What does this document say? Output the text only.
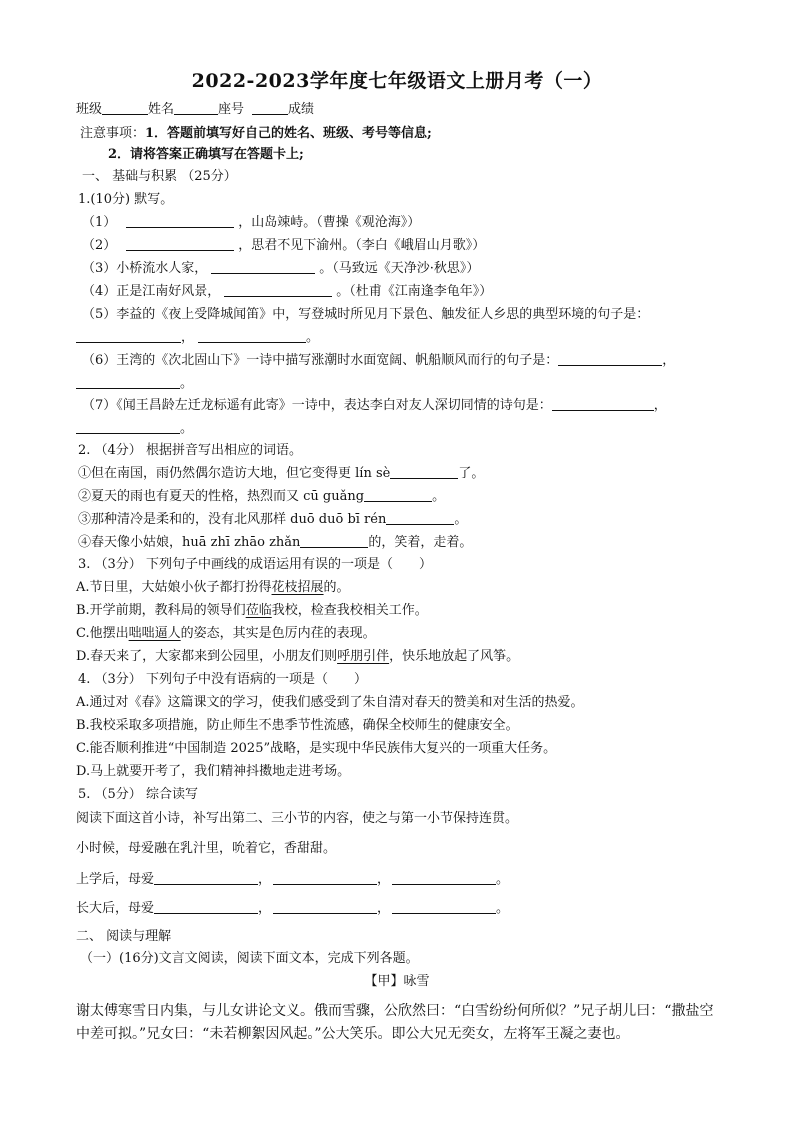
2022-2023学年度七年级语文上册月考（一）
班级	姓名	座号	成绩
注意事项：1．答题前填写好自己的姓名、班级、考号等信息;
2．请将答案正确填写在答题卡上;
一、 基础与积累 （25分）
1.(10分) 默写。
（1）	，山岛竦峙。（曹操《观沧海》）
（2）	，思君不见下渝州。（李白《峨眉山月歌》）
（3）小桥流水人家，	。（马致远《天净沙·秋思》）
（4）正是江南好风景，	。（杜甫《江南逢李龟年》）
（5）李益的《夜上受降城闻笛》中，写登城时所见月下景色、触发征人乡思的典型环境的句子是：
，	。
（6）王湾的《次北固山下》一诗中描写涨潮时水面宽阔、帆船顺风而行的句子是：	，
。
（7）《闻王昌龄左迁龙标遥有此寄》一诗中，表达李白对友人深切同情的诗句是：	，
。
2. （4分） 根据拼音写出相应的词语。
①但在南国，雨仍然偶尔造访大地，但它变得更 lín sè	了。
②夏天的雨也有夏天的性格，热烈而又 cū guǎng	。
③那种清冷是柔和的，没有北风那样 duō duō bī rén	。
④春天像小姑娘，huā zhī zhāo zhǎn	的，笑着，走着。
3. （3分） 下列句子中画线的成语运用有误的一项是（　　）
A.节日里，大姑娘小伙子都打扮得花枝招展的。
B.开学前期，教科局的领导们莅临我校，检查我校相关工作。
C.他摆出咄咄逼人的姿态，其实是色厉内荏的表现。
D.春天来了，大家都来到公园里，小朋友们则呼朋引伴，快乐地放起了风筝。
4. （3分） 下列句子中没有语病的一项是（　　）
A.通过对《春》这篇课文的学习，使我们感受到了朱自清对春天的赞美和对生活的热爱。
B.我校采取多项措施，防止师生不患季节性流感，确保全校师生的健康安全。
C.能否顺利推进“中国制造 2025”战略，是实现中华民族伟大复兴的一项重大任务。
D.马上就要开考了，我们精神抖擞地走进考场。
5. （5分） 综合读写
阅读下面这首小诗，补写出第二、三小节的内容，使之与第一小节保持连贯。
小时候，母爱融在乳汁里，吮着它，香甜甜。
上学后，母爱	，	，	。
长大后，母爱	，	，	。
二、 阅读与理解
（一）(16分)文言文阅读，阅读下面文本，完成下列各题。
【甲】咏雪
谢太傅寒雪日内集，与儿女讲论文义。俄而雪骤，公欣然曰：“白雪纷纷何所似？”兄子胡儿曰：“撒盐空
中差可拟。”兄女曰：“未若柳絮因风起。”公大笑乐。即公大兄无奕女，左将军王凝之妻也。
